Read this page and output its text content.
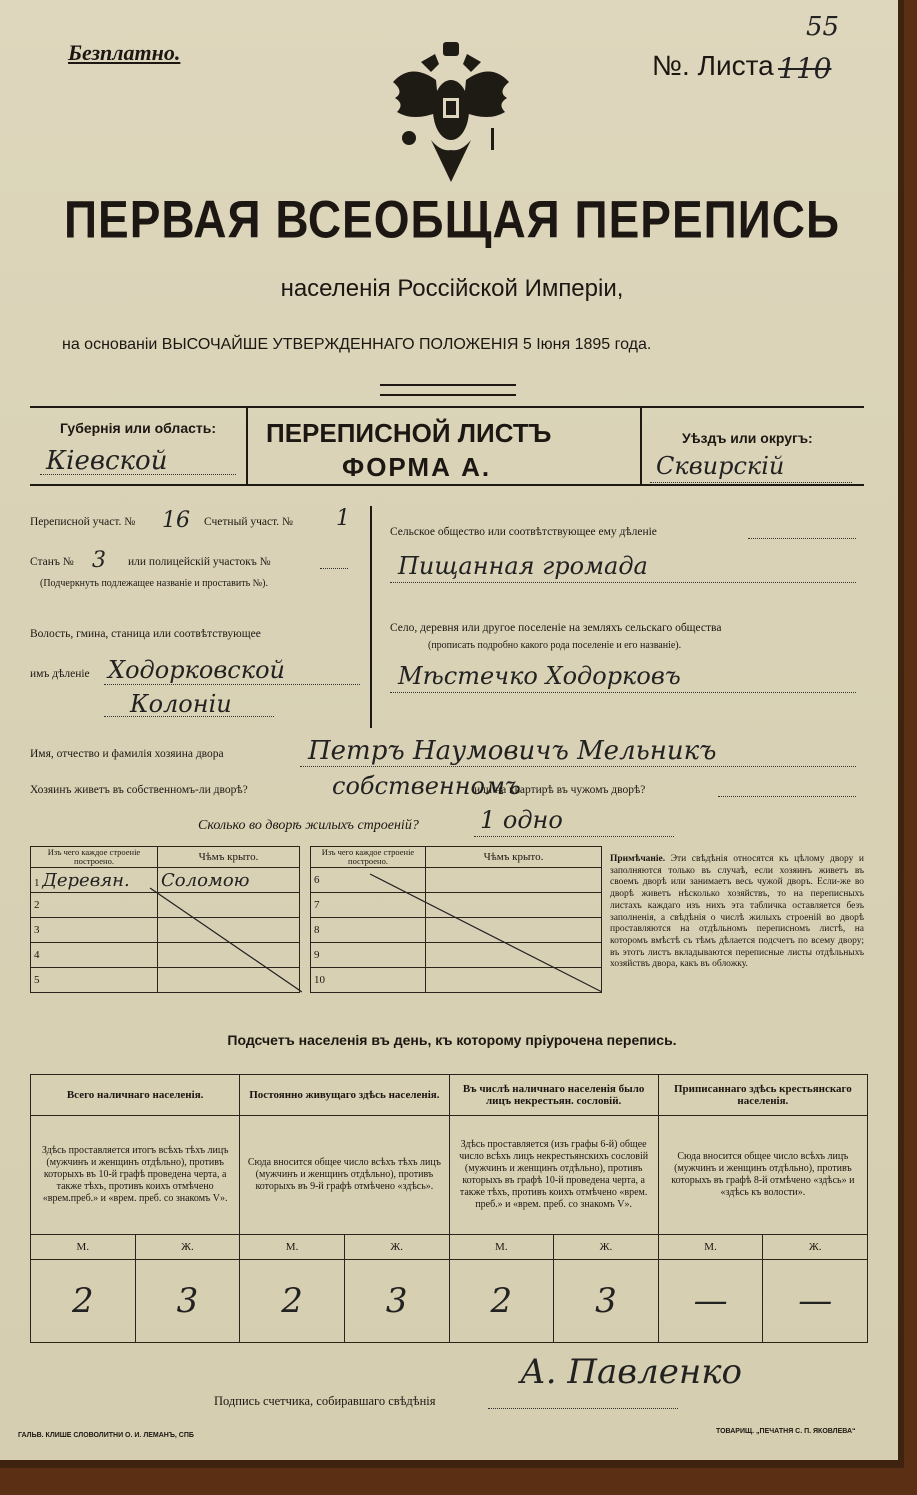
Безплатно.	№. Листа 110
55
ПЕРВАЯ ВСЕОБЩАЯ ПЕРЕПИСЬ
населенія Россійской Имперіи,
на основаніи ВЫСОЧАЙШЕ УТВЕРЖДЕННАГО ПОЛОЖЕНІЯ 5 Іюня 1895 года.
Губернія или область:
Кіевской
ПЕРЕПИСНОЙ ЛИСТЪ
ФОРМА А.
Уѣздъ или округъ:
Сквирскій
Переписной участ. № 16 Счетный участ. № 1
Станъ № 3 или полицейскій участокъ №
(Подчеркнуть подлежащее названіе и проставить №).
Волость, гмина, станица или соотвѣтствующее
имъ дѣленіе Ходорковской
Колоніи
Сельское общество или соотвѣтствующее ему дѣленіе
Пищанная громада
Село, деревня или другое поселеніе на земляхъ сельскаго общества
(прописать подробно какого рода поселеніе и его названіе).
Мѣстечко Ходорковъ
Имя, отчество и фамилія хозяина двора	Петръ Наумовичъ Мельникъ
Хозяинъ живетъ въ собственномъ-ли дворѣ?	собственномъ
или на квартирѣ въ чужомъ дворѣ?
Сколько во дворѣ жилыхъ строеній?	1 одно
Изъ чего каждое строеніе построено.	Чѣмъ крыто.
1 Деревян.	Соломою
2	
3	
4	
5	
Изъ чего каждое строеніе построено.	Чѣмъ крыто.
6	
7	
8	
9	
10	
Примѣчаніе. Эти свѣдѣнія относятся къ цѣлому двору и заполняются только въ случаѣ, если хозяинъ живетъ въ своемъ дворѣ или занимаетъ весь чужой дворъ. Если-же во дворѣ живетъ нѣсколько хозяйствъ, то на переписныхъ листахъ каждаго изъ нихъ эта табличка оставляется безъ заполненія, а свѣдѣнія о числѣ жилыхъ строеній во дворѣ проставляются на отдѣльномъ переписномъ листѣ, на которомъ вмѣстѣ съ тѣмъ дѣлается подсчетъ по всему двору; въ этотъ листъ вкладываются переписные листы отдѣльныхъ хозяйствъ двора, какъ въ обложку.
Подсчетъ населенія въ день, къ которому пріурочена перепись.
Всего наличнаго населенія.		Постоянно живущаго здѣсь населенія.		Въ числѣ наличнаго населенія было лицъ некрестьян. сословій.		Приписаннаго здѣсь крестьянскаго населенія.	
Здѣсь проставляется итогъ всѣхъ тѣхъ лицъ (мужчинъ и женщинъ отдѣльно), противъ которыхъ въ 10-й графѣ проведена черта, а также тѣхъ, противъ коихъ отмѣчено «врем.преб.» и «врем. преб. со знакомъ V».		Сюда вносится общее число всѣхъ тѣхъ лицъ (мужчинъ и женщинъ отдѣльно), противъ которыхъ въ 9-й графѣ отмѣчено «здѣсь».		Здѣсь проставляется (изъ графы 6-й) общее число всѣхъ лицъ некрестьянскихъ сословій (мужчинъ и женщинъ отдѣльно), противъ которыхъ въ графѣ 10-й проведена черта, а также тѣхъ, противъ коихъ отмѣчено «врем. преб.» и «врем. преб. со знакомъ V».		Сюда вносится общее число всѣхъ лицъ (мужчинъ и женщинъ отдѣльно), противъ которыхъ въ графѣ 8-й отмѣчено «здѣсь» и «здѣсь къ волости».	
М.	Ж.	М.	Ж.	М.	Ж.	М.	Ж.
2	3	2	3	2	3	—	—
Подпись счетчика, собиравшаго свѣдѣнія
А. Павленко
ГАЛЬВ. КЛИШЕ СЛОВОЛИТНИ О. И. ЛЕМАНЪ, СПБ
ТОВАРИЩ. „ПЕЧАТНЯ С. П. ЯКОВЛЕВА“
